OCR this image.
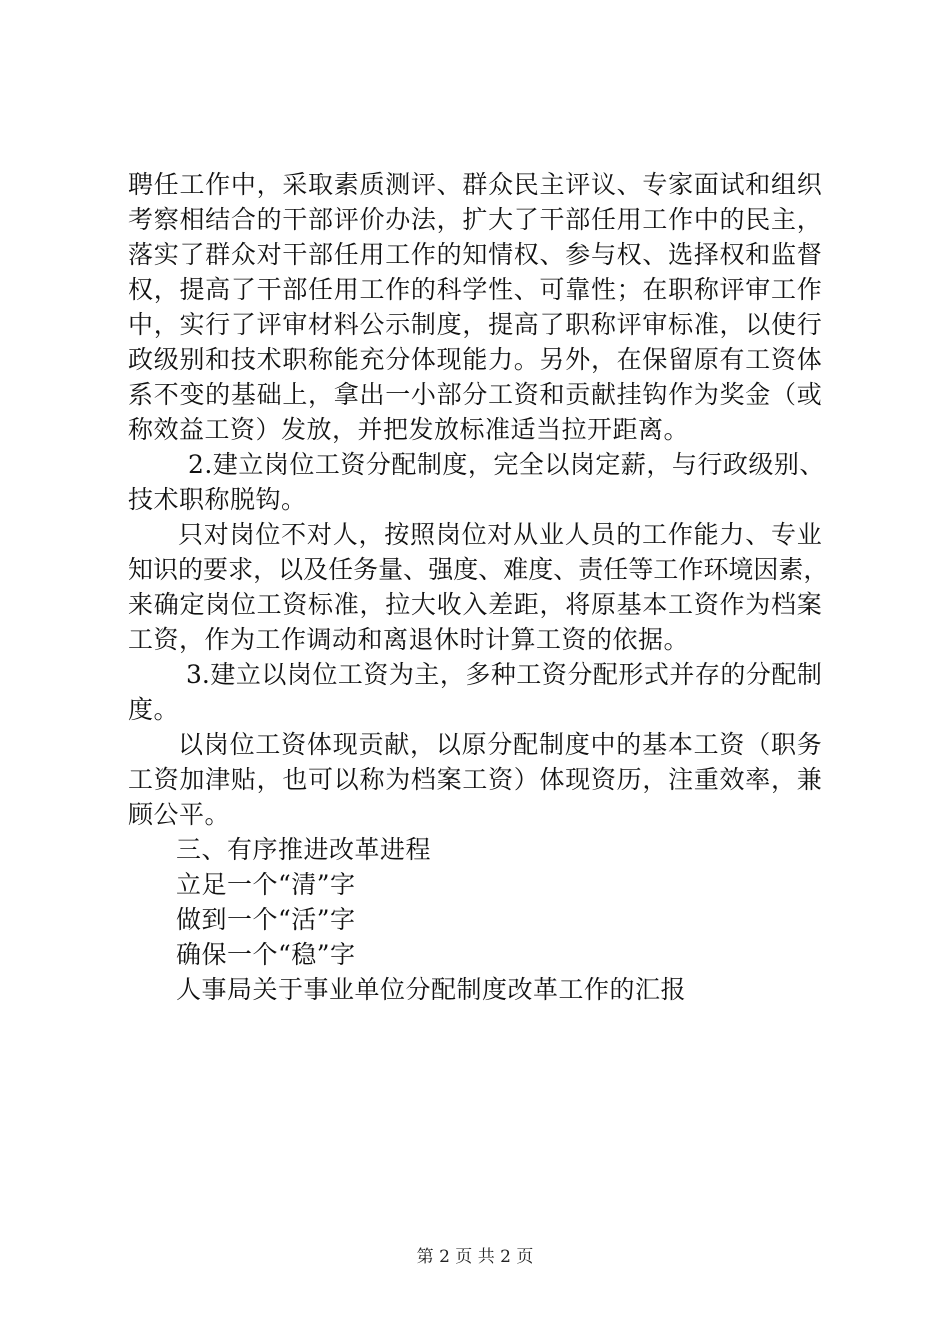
聘 任 工 作 中 ， 采 取 素 质 测 评 、 群 众 民 主 评 议 、 专 家 面 试 和 组 织
考 察 相 结 合 的 干 部 评 价 办 法 ， 扩 大 了 干 部 任 用 工 作 中 的 民 主 ，
落 实 了 群 众 对 干 部 任 用 工 作 的 知 情 权 、 参 与 权 、 选 择 权 和 监 督
权 ， 提 高 了 干 部 任 用 工 作 的 科 学 性 、 可 靠 性 ； 在 职 称 评 审 工 作
中 ， 实 行 了 评 审 材 料 公 示 制 度 ， 提 高 了 职 称 评 审 标 准 ， 以 使 行
政 级 别 和 技 术 职 称 能 充 分 体 现 能 力 。 另 外 ， 在 保 留 原 有 工 资 体
系 不 变 的 基 础 上 ， 拿 出 一 小 部 分 工 资 和 贡 献 挂 钩 作 为 奖 金 （ 或
称效益工资）发放，并把发放标准适当拉开距离。
2.建立岗位工资分配制度，完全以岗定薪，与行政级别、
技术职称脱钩。
只 对 岗 位 不 对 人 ， 按 照 岗 位 对 从 业 人 员 的 工 作 能 力 、 专 业
知 识 的 要 求 ， 以 及 任 务 量 、 强 度 、 难 度 、 责 任 等 工 作 环 境 因 素 ，
来 确 定 岗 位 工 资 标 准 ， 拉 大 收 入 差 距 ， 将 原 基 本 工 资 作 为 档 案
工资，作为工作调动和离退休时计算工资的依据。
3. 建 立 以 岗 位 工 资 为 主 ， 多 种 工 资 分 配 形 式 并 存 的 分 配 制
度。
以 岗 位 工 资 体 现 贡 献 ， 以 原 分 配 制 度 中 的 基 本 工 资 （ 职 务
工 资 加 津 贴 ， 也 可 以 称 为 档 案 工 资 ） 体 现 资 历 ， 注 重 效 率 ， 兼
顾公平。
三、有序推进改革进程
立足一个“清”字
做到一个“活”字
确保一个“稳”字
人事局关于事业单位分配制度改革工作的汇报
第 2 页 共 2 页
